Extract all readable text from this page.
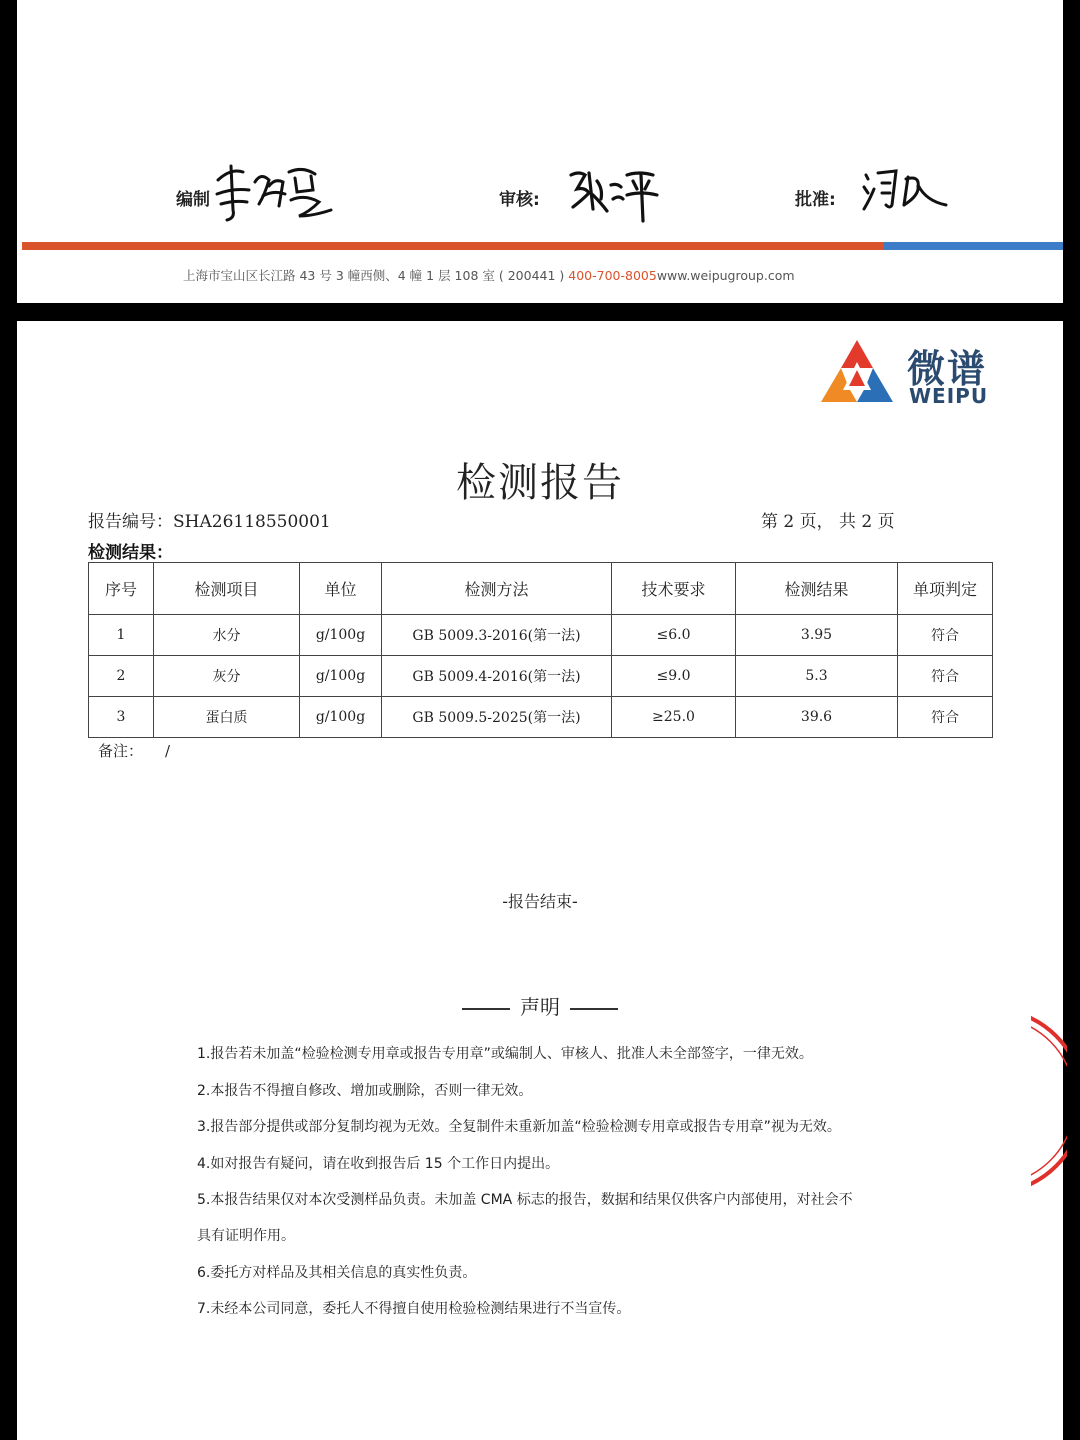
编制	审核:	批准:
上海市宝山区长江路 43 号 3 幢西侧、4 幢 1 层 108 室 ( 200441 ) 400-700-8005www.weipugroup.com
微谱
WEIPU
检测报告
报告编号：SHA26118550001	第 2 页， 共 2 页
检测结果：
序号	检测项目	单位	检测方法	技术要求	检测结果	单项判定
1	水分	g/100g	GB 5009.3-2016(第一法)	≤6.0	3.95	符合
2	灰分	g/100g	GB 5009.4-2016(第一法)	≤9.0	5.3	符合
3	蛋白质	g/100g	GB 5009.5-2025(第一法)	≥25.0	39.6	符合
备注： /
-报告结束-
声明
1.报告若未加盖“检验检测专用章或报告专用章”或编制人、审核人、批准人未全部签字，一律无效。
2.本报告不得擅自修改、增加或删除，否则一律无效。
3.报告部分提供或部分复制均视为无效。全复制件未重新加盖“检验检测专用章或报告专用章”视为无效。
4.如对报告有疑问，请在收到报告后 15 个工作日内提出。
5.本报告结果仅对本次受测样品负责。未加盖 CMA 标志的报告，数据和结果仅供客户内部使用，对社会不
具有证明作用。
6.委托方对样品及其相关信息的真实性负责。
7.未经本公司同意，委托人不得擅自使用检验检测结果进行不当宣传。
